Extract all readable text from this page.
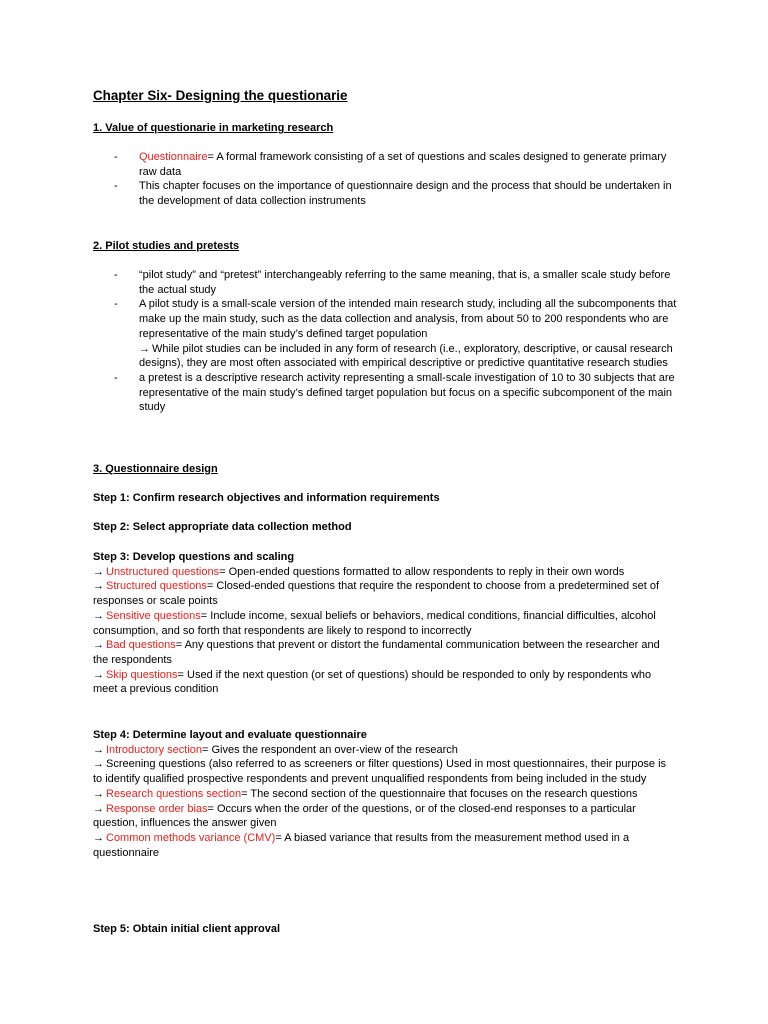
Chapter Six- Designing the questionarie
1. Value of questionarie in marketing research
- Questionnaire= A formal framework consisting of a set of questions and scales designed to generate primary raw data
- This chapter focuses on the importance of questionnaire design and the process that should be undertaken in the development of data collection instruments
2. Pilot studies and pretests
- “pilot study” and “pretest” interchangeably referring to the same meaning, that is, a smaller scale study before the actual study
- A pilot study is a small-scale version of the intended main research study, including all the subcomponents that make up the main study, such as the data collection and analysis, from about 50 to 200 respondents who are representative of the main study’s defined target population
→ While pilot studies can be included in any form of research (i.e., exploratory, descriptive, or causal research designs), they are most often associated with empirical descriptive or predictive quantitative research studies
- a pretest is a descriptive research activity representing a small-scale investigation of 10 to 30 subjects that are representative of the main study’s defined target population but focus on a specific subcomponent of the main study
3. Questionnaire design
Step 1: Confirm research objectives and information requirements
Step 2: Select appropriate data collection method
Step 3: Develop questions and scaling
→ Unstructured questions= Open-ended questions formatted to allow respondents to reply in their own words
→ Structured questions= Closed-ended questions that require the respondent to choose from a predetermined set of responses or scale points
→ Sensitive questions= Include income, sexual beliefs or behaviors, medical conditions, financial difficulties, alcohol consumption, and so forth that respondents are likely to respond to incorrectly
→ Bad questions= Any questions that prevent or distort the fundamental communication between the researcher and the respondents
→ Skip questions= Used if the next question (or set of questions) should be responded to only by respondents who meet a previous condition
Step 4: Determine layout and evaluate questionnaire
→ Introductory section= Gives the respondent an over-view of the research
→ Screening questions (also referred to as screeners or filter questions) Used in most questionnaires, their purpose is to identify qualified prospective respondents and prevent unqualified respondents from being included in the study
→ Research questions section= The second section of the questionnaire that focuses on the research questions
→ Response order bias= Occurs when the order of the questions, or of the closed-end responses to a particular question, influences the answer given
→ Common methods variance (CMV)= A biased variance that results from the measurement method used in a questionnaire
Step 5: Obtain initial client approval
